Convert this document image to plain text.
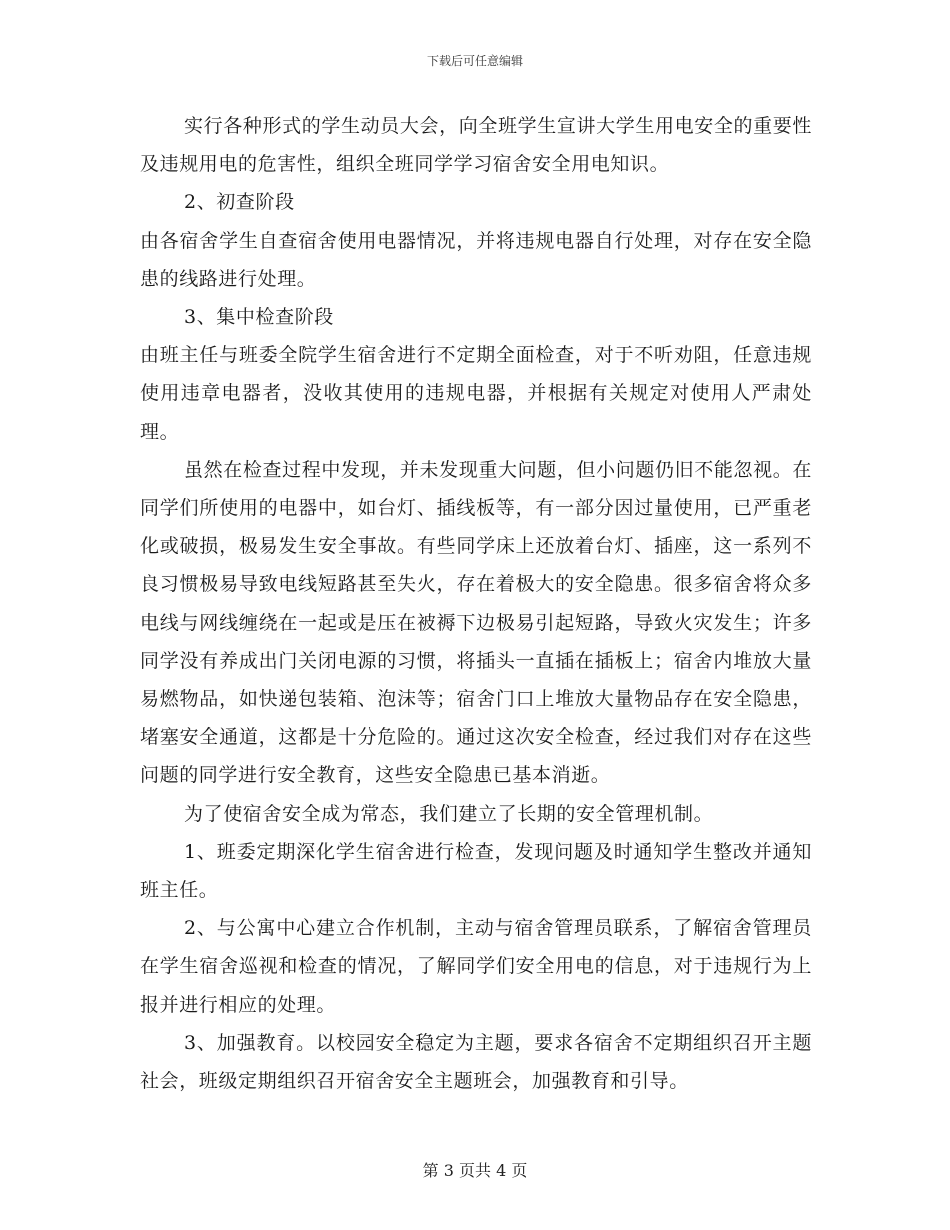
下载后可任意编辑

实行各种形式的学生动员大会，向全班学生宣讲大学生用电安全的重要性及违规用电的危害性，组织全班同学学习宿舍安全用电知识。

2、初查阶段

由各宿舍学生自查宿舍使用电器情况，并将违规电器自行处理，对存在安全隐患的线路进行处理。

3、集中检查阶段

由班主任与班委全院学生宿舍进行不定期全面检查，对于不听劝阻，任意违规使用违章电器者，没收其使用的违规电器，并根据有关规定对使用人严肃处理。

虽然在检查过程中发现，并未发现重大问题，但小问题仍旧不能忽视。在同学们所使用的电器中，如台灯、插线板等，有一部分因过量使用，已严重老化或破损，极易发生安全事故。有些同学床上还放着台灯、插座，这一系列不良习惯极易导致电线短路甚至失火，存在着极大的安全隐患。很多宿舍将众多电线与网线缠绕在一起或是压在被褥下边极易引起短路，导致火灾发生；许多同学没有养成出门关闭电源的习惯，将插头一直插在插板上；宿舍内堆放大量易燃物品，如快递包装箱、泡沫等；宿舍门口上堆放大量物品存在安全隐患，堵塞安全通道，这都是十分危险的。通过这次安全检查，经过我们对存在这些问题的同学进行安全教育，这些安全隐患已基本消逝。

为了使宿舍安全成为常态，我们建立了长期的安全管理机制。

1、班委定期深化学生宿舍进行检查，发现问题及时通知学生整改并通知班主任。

2、与公寓中心建立合作机制，主动与宿舍管理员联系，了解宿舍管理员在学生宿舍巡视和检查的情况，了解同学们安全用电的信息，对于违规行为上报并进行相应的处理。

3、加强教育。以校园安全稳定为主题，要求各宿舍不定期组织召开主题社会，班级定期组织召开宿舍安全主题班会，加强教育和引导。

第 3 页共 4 页
